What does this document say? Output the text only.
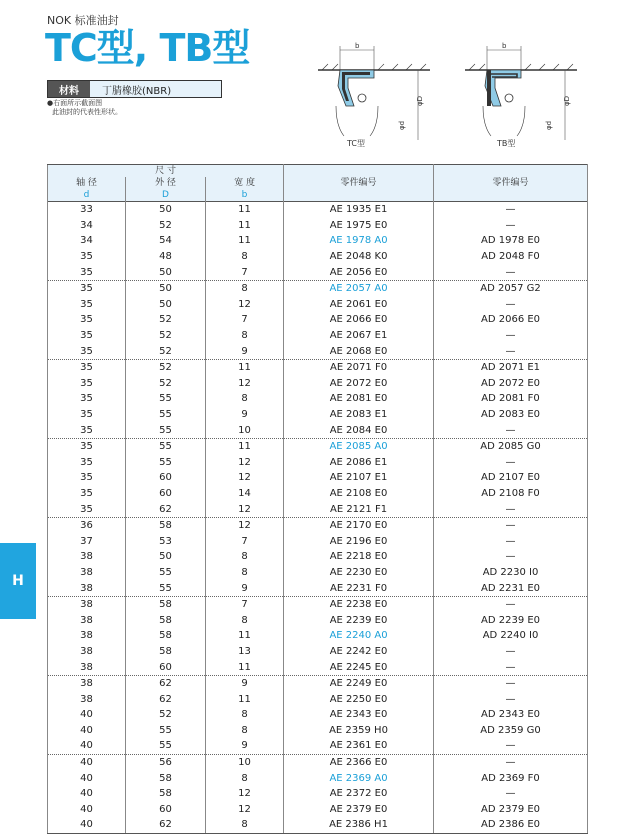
NOK 标准油封
TC型, TB型
材料	丁腈橡胶(NBR)
●右面所示截面图
此油封的代表性形状。
b
φD
φd
TC型
b
φD
φd
TB型
H
尺 寸			零件编号	零件编号
轴 径	外 径	宽 度		
d	D	b		
33	50	11	AE 1935 E1	—
34	52	11	AE 1975 E0	—
34	54	11	AE 1978 A0	AD 1978 E0
35	48	8	AE 2048 K0	AD 2048 F0
35	50	7	AE 2056 E0	—
35	50	8	AE 2057 A0	AD 2057 G2
35	50	12	AE 2061 E0	—
35	52	7	AE 2066 E0	AD 2066 E0
35	52	8	AE 2067 E1	—
35	52	9	AE 2068 E0	—
35	52	11	AE 2071 F0	AD 2071 E1
35	52	12	AE 2072 E0	AD 2072 E0
35	55	8	AE 2081 E0	AD 2081 F0
35	55	9	AE 2083 E1	AD 2083 E0
35	55	10	AE 2084 E0	—
35	55	11	AE 2085 A0	AD 2085 G0
35	55	12	AE 2086 E1	—
35	60	12	AE 2107 E1	AD 2107 E0
35	60	14	AE 2108 E0	AD 2108 F0
35	62	12	AE 2121 F1	—
36	58	12	AE 2170 E0	—
37	53	7	AE 2196 E0	—
38	50	8	AE 2218 E0	—
38	55	8	AE 2230 E0	AD 2230 I0
38	55	9	AE 2231 F0	AD 2231 E0
38	58	7	AE 2238 E0	—
38	58	8	AE 2239 E0	AD 2239 E0
38	58	11	AE 2240 A0	AD 2240 I0
38	58	13	AE 2242 E0	—
38	60	11	AE 2245 E0	—
38	62	9	AE 2249 E0	—
38	62	11	AE 2250 E0	—
40	52	8	AE 2343 E0	AD 2343 E0
40	55	8	AE 2359 H0	AD 2359 G0
40	55	9	AE 2361 E0	—
40	56	10	AE 2366 E0	—
40	58	8	AE 2369 A0	AD 2369 F0
40	58	12	AE 2372 E0	—
40	60	12	AE 2379 E0	AD 2379 E0
40	62	8	AE 2386 H1	AD 2386 E0
